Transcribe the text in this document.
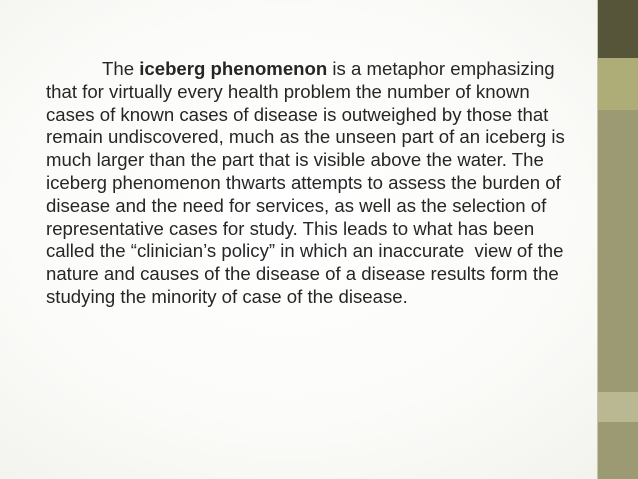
The iceberg phenomenon is a metaphor emphasizing that for virtually every health problem the number of known cases of known cases of disease is outweighed by those that remain undiscovered, much as the unseen part of an iceberg is much larger than the part that is visible above the water. The iceberg phenomenon thwarts attempts to assess the burden of disease and the need for services, as well as the selection of representative cases for study. This leads to what has been called the “clinician’s policy” in which an inaccurate  view of the nature and causes of the disease of a disease results form the studying the minority of case of the disease.
